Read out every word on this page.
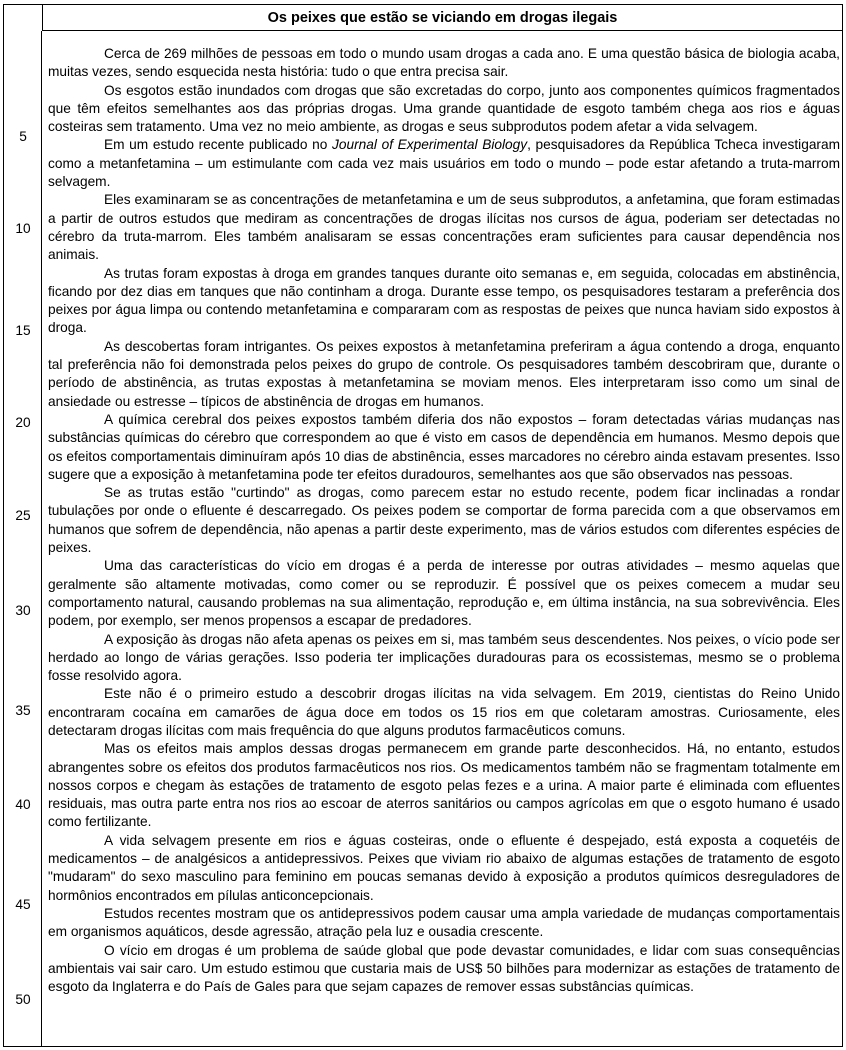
Os peixes que estão se viciando em drogas ilegais
5
10
15
20
25
30
35
40
45
50

Cerca de 269 milhões de pessoas em todo o mundo usam drogas a cada ano. E uma questão básica de biologia acaba, muitas vezes, sendo esquecida nesta história: tudo o que entra precisa sair.

Os esgotos estão inundados com drogas que são excretadas do corpo, junto aos componentes químicos fragmentados que têm efeitos semelhantes aos das próprias drogas. Uma grande quantidade de esgoto também chega aos rios e águas costeiras sem tratamento. Uma vez no meio ambiente, as drogas e seus subprodutos podem afetar a vida selvagem.

Em um estudo recente publicado no Journal of Experimental Biology, pesquisadores da República Tcheca investigaram como a metanfetamina – um estimulante com cada vez mais usuários em todo o mundo – pode estar afetando a truta-marrom selvagem.

Eles examinaram se as concentrações de metanfetamina e um de seus subprodutos, a anfetamina, que foram estimadas a partir de outros estudos que mediram as concentrações de drogas ilícitas nos cursos de água, poderiam ser detectadas no cérebro da truta-marrom. Eles também analisaram se essas concentrações eram suficientes para causar dependência nos animais.

As trutas foram expostas à droga em grandes tanques durante oito semanas e, em seguida, colocadas em abstinência, ficando por dez dias em tanques que não continham a droga. Durante esse tempo, os pesquisadores testaram a preferência dos peixes por água limpa ou contendo metanfetamina e compararam com as respostas de peixes que nunca haviam sido expostos à droga.

As descobertas foram intrigantes. Os peixes expostos à metanfetamina preferiram a água contendo a droga, enquanto tal preferência não foi demonstrada pelos peixes do grupo de controle. Os pesquisadores também descobriram que, durante o período de abstinência, as trutas expostas à metanfetamina se moviam menos. Eles interpretaram isso como um sinal de ansiedade ou estresse – típicos de abstinência de drogas em humanos.

A química cerebral dos peixes expostos também diferia dos não expostos – foram detectadas várias mudanças nas substâncias químicas do cérebro que correspondem ao que é visto em casos de dependência em humanos. Mesmo depois que os efeitos comportamentais diminuíram após 10 dias de abstinência, esses marcadores no cérebro ainda estavam presentes. Isso sugere que a exposição à metanfetamina pode ter efeitos duradouros, semelhantes aos que são observados nas pessoas.

Se as trutas estão "curtindo" as drogas, como parecem estar no estudo recente, podem ficar inclinadas a rondar tubulações por onde o efluente é descarregado. Os peixes podem se comportar de forma parecida com a que observamos em humanos que sofrem de dependência, não apenas a partir deste experimento, mas de vários estudos com diferentes espécies de peixes.

Uma das características do vício em drogas é a perda de interesse por outras atividades – mesmo aquelas que geralmente são altamente motivadas, como comer ou se reproduzir. É possível que os peixes comecem a mudar seu comportamento natural, causando problemas na sua alimentação, reprodução e, em última instância, na sua sobrevivência. Eles podem, por exemplo, ser menos propensos a escapar de predadores.

A exposição às drogas não afeta apenas os peixes em si, mas também seus descendentes. Nos peixes, o vício pode ser herdado ao longo de várias gerações. Isso poderia ter implicações duradouras para os ecossistemas, mesmo se o problema fosse resolvido agora.

Este não é o primeiro estudo a descobrir drogas ilícitas na vida selvagem. Em 2019, cientistas do Reino Unido encontraram cocaína em camarões de água doce em todos os 15 rios em que coletaram amostras. Curiosamente, eles detectaram drogas ilícitas com mais frequência do que alguns produtos farmacêuticos comuns.

Mas os efeitos mais amplos dessas drogas permanecem em grande parte desconhecidos. Há, no entanto, estudos abrangentes sobre os efeitos dos produtos farmacêuticos nos rios. Os medicamentos também não se fragmentam totalmente em nossos corpos e chegam às estações de tratamento de esgoto pelas fezes e a urina. A maior parte é eliminada com efluentes residuais, mas outra parte entra nos rios ao escoar de aterros sanitários ou campos agrícolas em que o esgoto humano é usado como fertilizante.

A vida selvagem presente em rios e águas costeiras, onde o efluente é despejado, está exposta a coquetéis de medicamentos – de analgésicos a antidepressivos. Peixes que viviam rio abaixo de algumas estações de tratamento de esgoto "mudaram" do sexo masculino para feminino em poucas semanas devido à exposição a produtos químicos desreguladores de hormônios encontrados em pílulas anticoncepcionais.

Estudos recentes mostram que os antidepressivos podem causar uma ampla variedade de mudanças comportamentais em organismos aquáticos, desde agressão, atração pela luz e ousadia crescente.

O vício em drogas é um problema de saúde global que pode devastar comunidades, e lidar com suas consequências ambientais vai sair caro. Um estudo estimou que custaria mais de US$ 50 bilhões para modernizar as estações de tratamento de esgoto da Inglaterra e do País de Gales para que sejam capazes de remover essas substâncias químicas.
